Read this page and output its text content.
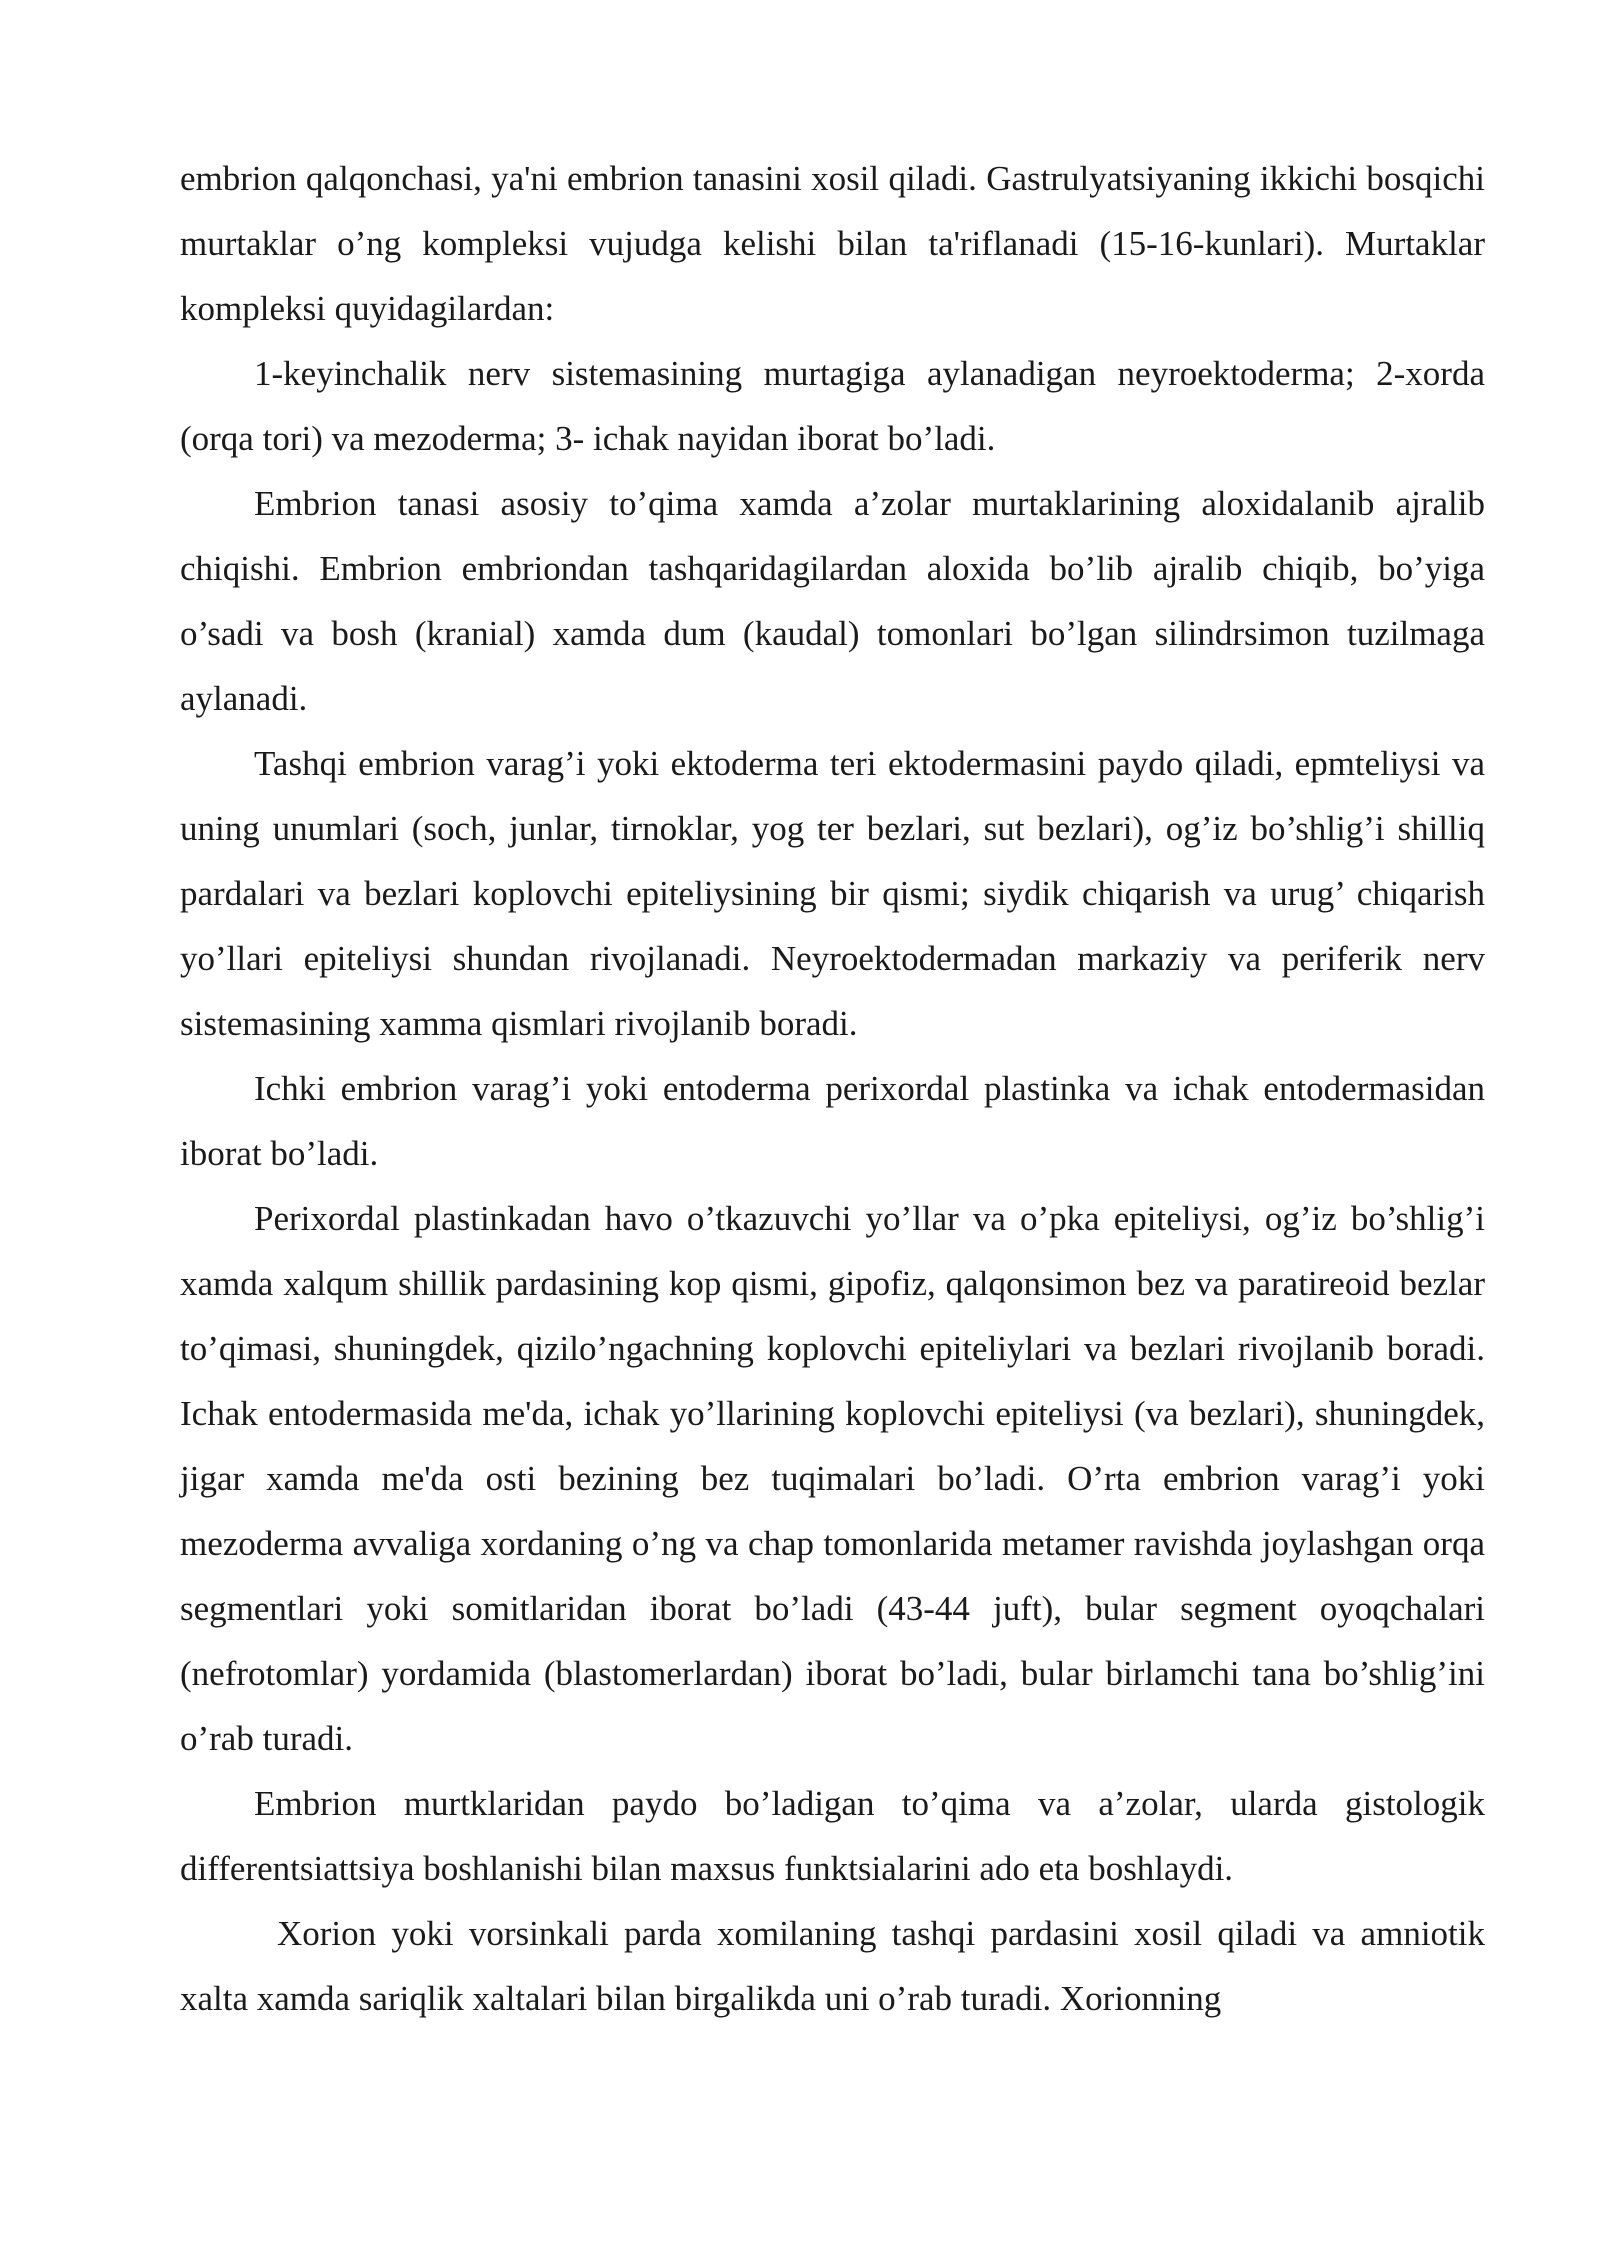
embrion qalqonchasi, ya'ni embrion tanasini xosil qiladi. Gastrulyatsiyaning ikkichi bosqichi murtaklar o’ng kompleksi vujudga kelishi bilan ta'riflanadi (15-16-kunlari). Murtaklar kompleksi quyidagilardan:

1-keyinchalik nerv sistemasining murtagiga aylanadigan neyroektoderma; 2-xorda (orqa tori) va mezoderma; 3- ichak nayidan iborat bo’ladi.

Embrion tanasi asosiy to’qima xamda a’zolar murtaklarining aloxidalanib ajralib chiqishi. Embrion embriondan tashqaridagilardan aloxida bo’lib ajralib chiqib, bo’yiga o’sadi va bosh (kranial) xamda dum (kaudal) tomonlari bo’lgan silindrsimon tuzilmaga aylanadi.

Tashqi embrion varag’i yoki ektoderma teri ektodermasini paydo qiladi, epmteliysi va uning unumlari (soch, junlar, tirnoklar, yog ter bezlari, sut bezlari), og’iz bo’shlig’i shilliq pardalari va bezlari koplovchi epiteliysining bir qismi; siydik chiqarish va urug’ chiqarish yo’llari epiteliysi shundan rivojlanadi. Neyroektodermadan markaziy va periferik nerv sistemasining xamma qismlari rivojlanib boradi.

Ichki embrion varag’i yoki entoderma perixordal plastinka va ichak entodermasidan iborat bo’ladi.

Perixordal plastinkadan havo o’tkazuvchi yo’llar va o’pka epiteliysi, og’iz bo’shlig’i xamda xalqum shillik pardasining kop qismi, gipofiz, qalqonsimon bez va paratireoid bezlar to’qimasi, shuningdek, qizilo’ngachning koplovchi epiteliylari va bezlari rivojlanib boradi. Ichak entodermasida me'da, ichak yo’llarining koplovchi epiteliysi (va bezlari), shuningdek, jigar xamda me'da osti bezining bez tuqimalari bo’ladi. O’rta embrion varag’i yoki mezoderma avvaliga xordaning o’ng va chap tomonlarida metamer ravishda joylashgan orqa segmentlari yoki somitlaridan iborat bo’ladi (43-44 juft), bular segment oyoqchalari (nefrotomlar) yordamida (blastomerlardan) iborat bo’ladi, bular birlamchi tana bo’shlig’ini o’rab turadi.

Embrion murtklaridan paydo bo’ladigan to’qima va a’zolar, ularda gistologik differentsiattsiya boshlanishi bilan maxsus funktsialarini ado eta boshlaydi.

Xorion yoki vorsinkali parda xomilaning tashqi pardasini xosil qiladi va amniotik xalta xamda sariqlik xaltalari bilan birgalikda uni o’rab turadi. Xorionning
